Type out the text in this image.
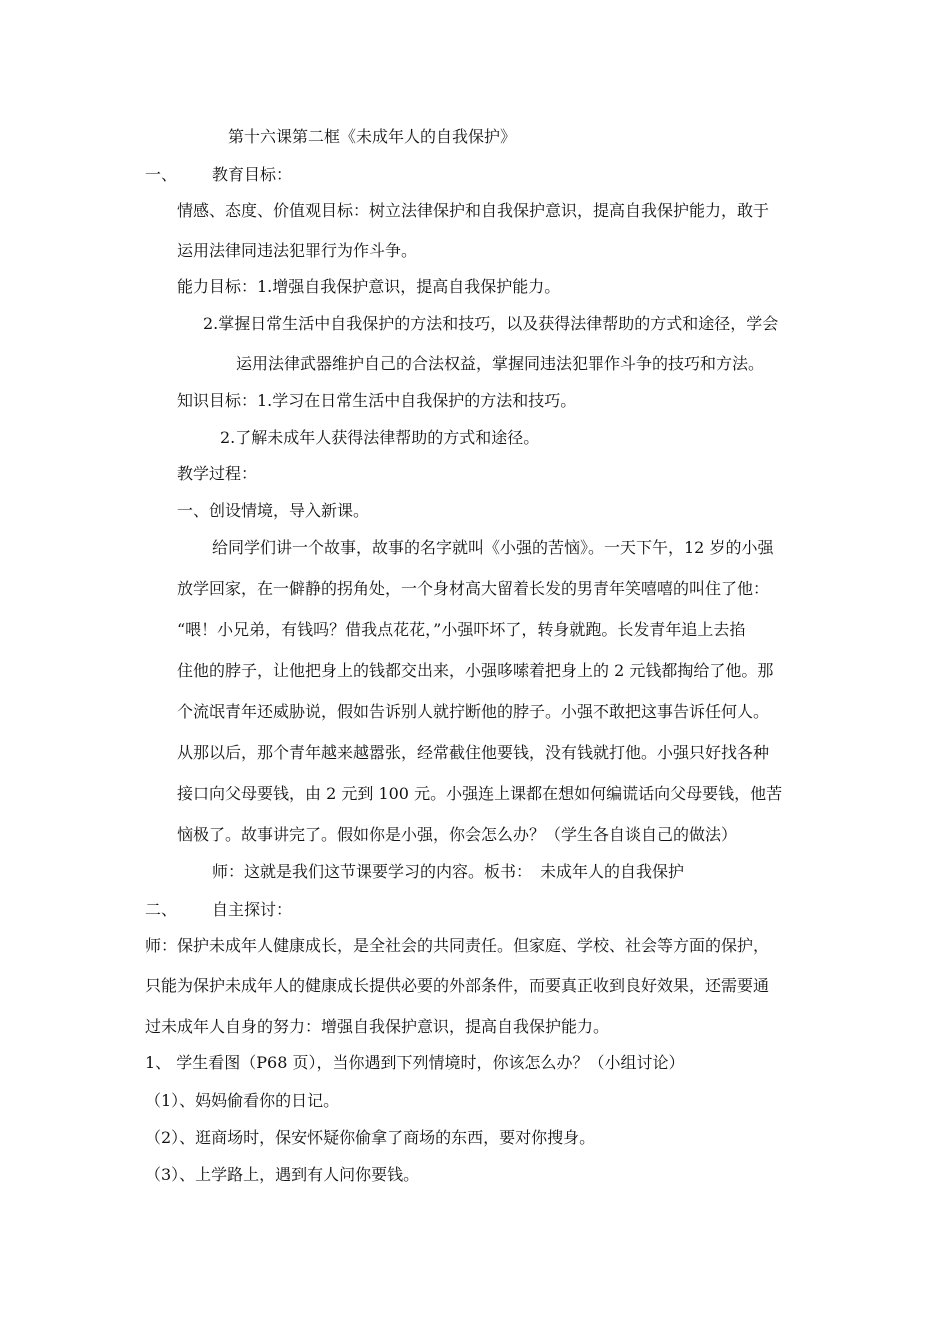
第十六课第二框《未成年人的自我保护》
一、 教育目标：
情感、态度、价值观目标：树立法律保护和自我保护意识，提高自我保护能力，敢于
运用法律同违法犯罪行为作斗争。
能力目标：1.增强自我保护意识，提高自我保护能力。
2.掌握日常生活中自我保护的方法和技巧，以及获得法律帮助的方式和途径，学会
运用法律武器维护自己的合法权益，掌握同违法犯罪作斗争的技巧和方法。
知识目标：1.学习在日常生活中自我保护的方法和技巧。
2.了解未成年人获得法律帮助的方式和途径。
教学过程：
一、创设情境，导入新课。
给同学们讲一个故事，故事的名字就叫《小强的苦恼》。一天下午，12 岁的小强
放学回家，在一僻静的拐角处，一个身材高大留着长发的男青年笑嘻嘻的叫住了他：
“喂！小兄弟，有钱吗？借我点花花，”小强吓坏了，转身就跑。长发青年追上去掐
住他的脖子，让他把身上的钱都交出来，小强哆嗦着把身上的 2 元钱都掏给了他。那
个流氓青年还威胁说，假如告诉别人就拧断他的脖子。小强不敢把这事告诉任何人。
从那以后，那个青年越来越嚣张，经常截住他要钱，没有钱就打他。小强只好找各种
接口向父母要钱，由 2 元到 100 元。小强连上课都在想如何编谎话向父母要钱，他苦
恼极了。故事讲完了。假如你是小强，你会怎么办？（学生各自谈自己的做法）
师：这就是我们这节课要学习的内容。板书：　未成年人的自我保护
二、 自主探讨：
师：保护未成年人健康成长，是全社会的共同责任。但家庭、学校、社会等方面的保护，
只能为保护未成年人的健康成长提供必要的外部条件，而要真正收到良好效果，还需要通
过未成年人自身的努力：增强自我保护意识，提高自我保护能力。
1、 学生看图（P68 页），当你遇到下列情境时，你该怎么办？（小组讨论）
（1）、妈妈偷看你的日记。
（2）、逛商场时，保安怀疑你偷拿了商场的东西，要对你搜身。
（3）、上学路上，遇到有人问你要钱。
